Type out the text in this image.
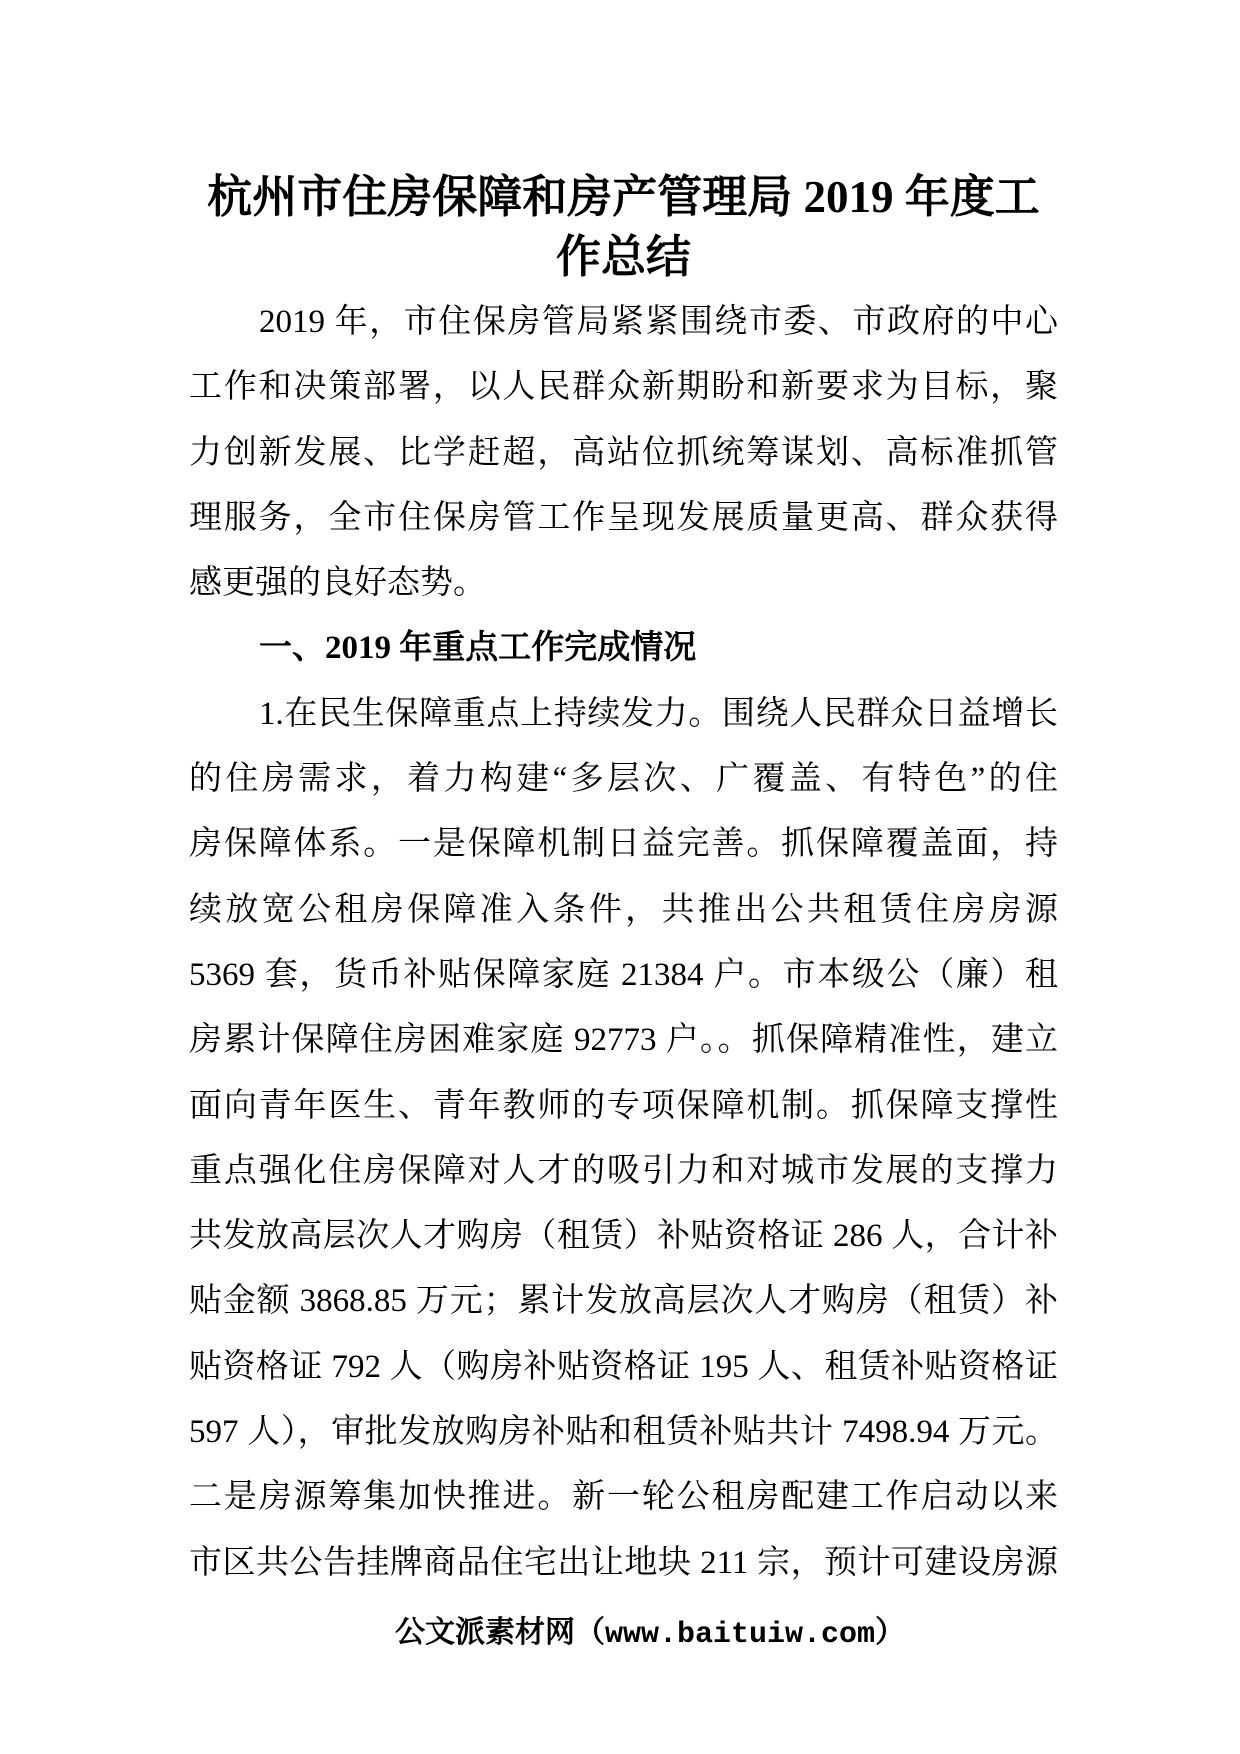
杭州市住房保障和房产管理局 2019 年度工
作总结
2019 年，市住保房管局紧紧围绕市委、市政府的中心
工作和决策部署，以人民群众新期盼和新要求为目标，聚
力创新发展、比学赶超，高站位抓统筹谋划、高标准抓管
理服务，全市住保房管工作呈现发展质量更高、群众获得
感更强的良好态势。
一、2019 年重点工作完成情况
1.在民生保障重点上持续发力。围绕人民群众日益增长
的住房需求，着力构建“多层次、广覆盖、有特色”的住
房保障体系。一是保障机制日益完善。抓保障覆盖面，持
续放宽公租房保障准入条件，共推出公共租赁住房房源
5369 套，货币补贴保障家庭 21384 户。市本级公（廉）租
房累计保障住房困难家庭 92773 户。。抓保障精准性，建立
面向青年医生、青年教师的专项保障机制。抓保障支撑性
重点强化住房保障对人才的吸引力和对城市发展的支撑力
共发放高层次人才购房（租赁）补贴资格证 286 人，合计补
贴金额 3868.85 万元；累计发放高层次人才购房（租赁）补
贴资格证 792 人（购房补贴资格证 195 人、租赁补贴资格证
597 人），审批发放购房补贴和租赁补贴共计 7498.94 万元。
二是房源筹集加快推进。新一轮公租房配建工作启动以来
市区共公告挂牌商品住宅出让地块 211 宗，预计可建设房源
公文派素材网（www.baituiw.com）
